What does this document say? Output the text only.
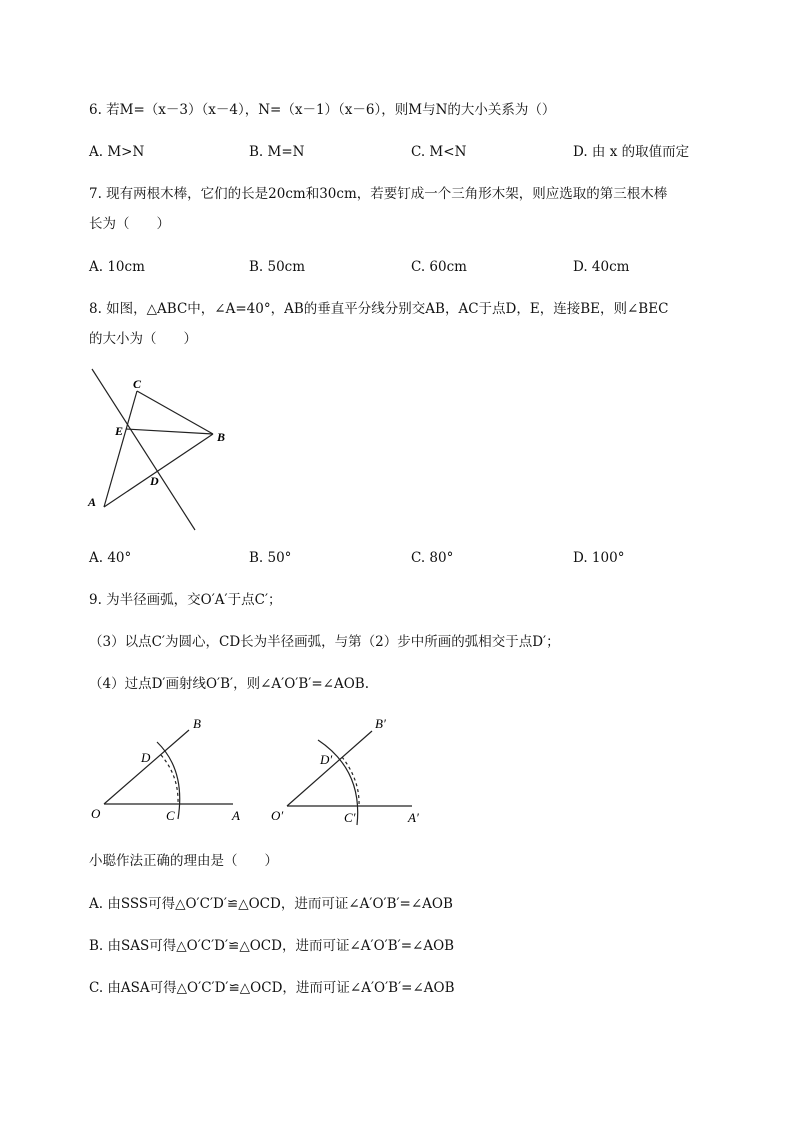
6. 若M=（x－3）（x－4），N=（x－1）（x－6），则M与N的大小关系为（）
A. M>N	B. M=N	C. M<N	D. 由 x 的取值而定
7. 现有两根木棒，它们的长是20cm和30cm，若要钉成一个三角形木架，则应选取的第三根木棒
长为（　　）
A. 10cm	B. 50cm	C. 60cm	D. 40cm
8. 如图，△ABC中，∠A=40°，AB的垂直平分线分别交AB，AC于点D，E，连接BE，则∠BEC
的大小为（　　）
C
E	B
D
A
O	C	A
D
B
O′	C′	A′
D′
B′
A. 40°	B. 50°	C. 80°	D. 100°
9. 为半径画弧，交O′A′于点C′；
（3）以点C′为圆心，CD长为半径画弧，与第（2）步中所画的弧相交于点D′；
（4）过点D′画射线O′B′，则∠A′O′B′=∠AOB.
小聪作法正确的理由是（　　）
A. 由SSS可得△O′C′D′≌△OCD，进而可证∠A′O′B′=∠AOB
B. 由SAS可得△O′C′D′≌△OCD，进而可证∠A′O′B′=∠AOB
C. 由ASA可得△O′C′D′≌△OCD，进而可证∠A′O′B′=∠AOB
